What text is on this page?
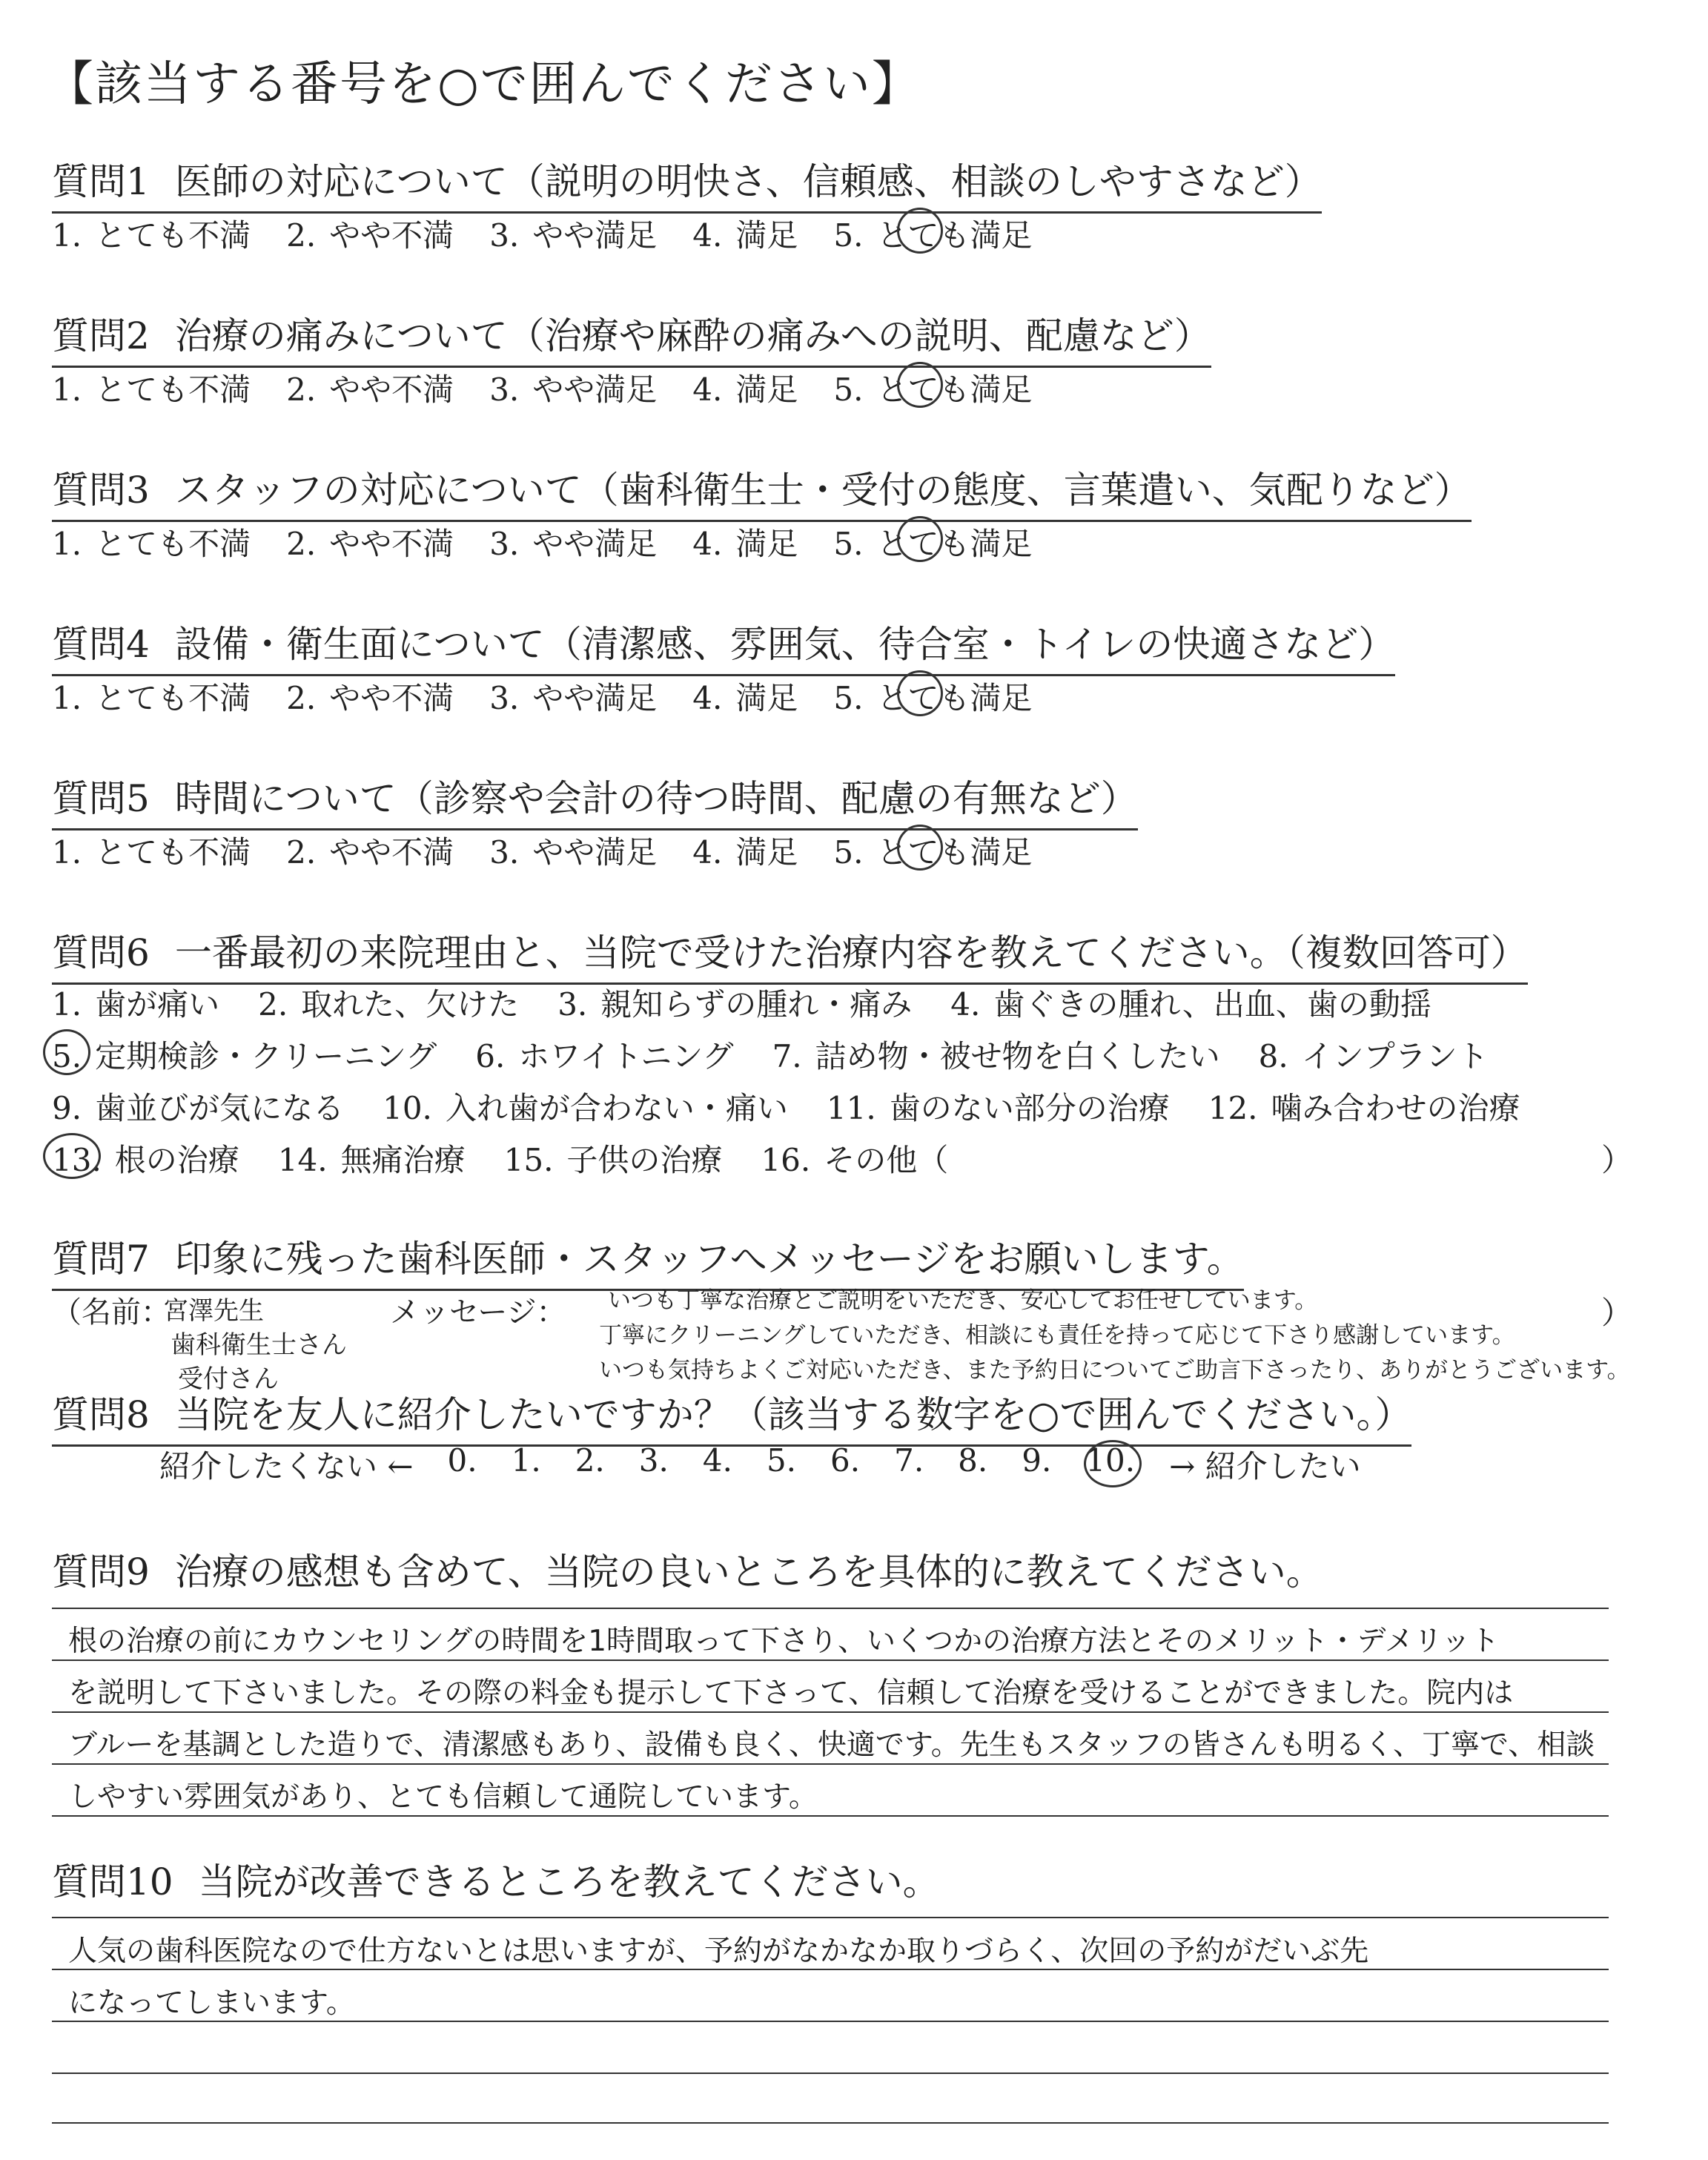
【該当する番号を○で囲んでください】
質問1 医師の対応について（説明の明快さ、信頼感、相談のしやすさなど）
1. とても不満 2. やや不満 3. やや満足 4. 満足 5. とても満足
質問2 治療の痛みについて（治療や麻酔の痛みへの説明、配慮など）
1. とても不満 2. やや不満 3. やや満足 4. 満足 5. とても満足
質問3 スタッフの対応について（歯科衛生士・受付の態度、言葉遣い、気配りなど）
1. とても不満 2. やや不満 3. やや満足 4. 満足 5. とても満足
質問4 設備・衛生面について（清潔感、雰囲気、待合室・トイレの快適さなど）
1. とても不満 2. やや不満 3. やや満足 4. 満足 5. とても満足
質問5 時間について（診察や会計の待つ時間、配慮の有無など）
1. とても不満 2. やや不満 3. やや満足 4. 満足 5. とても満足
質問6 一番最初の来院理由と、当院で受けた治療内容を教えてください。（複数回答可）
1. 歯が痛い 2. 取れた、欠けた 3. 親知らずの腫れ・痛み 4. 歯ぐきの腫れ、出血、歯の動揺
5. 定期検診・クリーニング 6. ホワイトニング 7. 詰め物・被せ物を白くしたい 8. インプラント
9. 歯並びが気になる 10. 入れ歯が合わない・痛い 11. 歯のない部分の治療 12. 噛み合わせの治療
13. 根の治療 14. 無痛治療 15. 子供の治療 16. その他（	）
質問7 印象に残った歯科医師・スタッフへメッセージをお願いします。
（名前：
宮澤先生
歯科衛生士さん
受付さん
メッセージ： いつも丁寧な治療とご説明をいただき、安心してお任せしています。
丁寧にクリーニングしていただき、相談にも責任を持って応じて下さり感謝しています。
いつも気持ちよくご対応いただき、また予約日についてご助言下さったり、ありがとうございます。
）
質問8 当院を友人に紹介したいですか？（該当する数字を○で囲んでください。）
紹介したくない ← 0. 1. 2. 3. 4. 5. 6. 7. 8. 9. 10. → 紹介したい
質問9 治療の感想も含めて、当院の良いところを具体的に教えてください。
根の治療の前にカウンセリングの時間を1時間取って下さり、いくつかの治療方法とそのメリット・デメリット
を説明して下さいました。その際の料金も提示して下さって、信頼して治療を受けることができました。院内は
ブルーを基調とした造りで、清潔感もあり、設備も良く、快適です。先生もスタッフの皆さんも明るく、丁寧で、相談
しやすい雰囲気があり、とても信頼して通院しています。
質問10 当院が改善できるところを教えてください。
人気の歯科医院なので仕方ないとは思いますが、予約がなかなか取りづらく、次回の予約がだいぶ先
になってしまいます。
